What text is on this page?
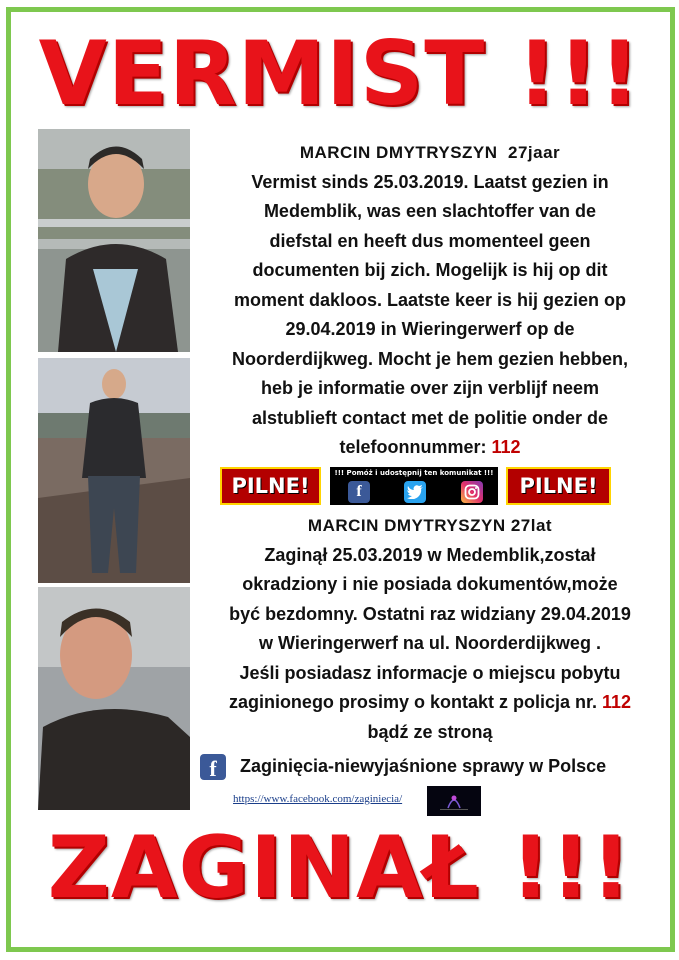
VERMIST !!!
MARCIN DMYTRYSZYN 27jaar
Vermist sinds 25.03.2019. Laatst gezien in
Medemblik, was een slachtoffer van de
diefstal en heeft dus momenteel geen
documenten bij zich. Mogelijk is hij op dit
moment dakloos. Laatste keer is hij gezien op
29.04.2019 in Wieringerwerf op de
Noorderdijkweg. Mocht je hem gezien hebben,
heb je informatie over zijn verblijf neem
alstublieft contact met de politie onder de
telefoonnummer: 112
PILNE!
!!! Pomóż i udostępnij ten komunikat !!!
f	PILNE!
MARCIN DMYTRYSZYN 27lat
Zaginął 25.03.2019 w Medemblik,został
okradziony i nie posiada dokumentów,może
być bezdomny. Ostatni raz widziany 29.04.2019
w Wieringerwerf na ul. Noorderdijkweg .
Jeśli posiadasz informacje o miejscu pobytu
zaginionego prosimy o kontakt z policja nr. 112
bądź ze stroną
f	Zaginięcia-niewyjaśnione sprawy w Polsce
https://www.facebook.com/zaginiecia/
ZAGINAŁ !!!
